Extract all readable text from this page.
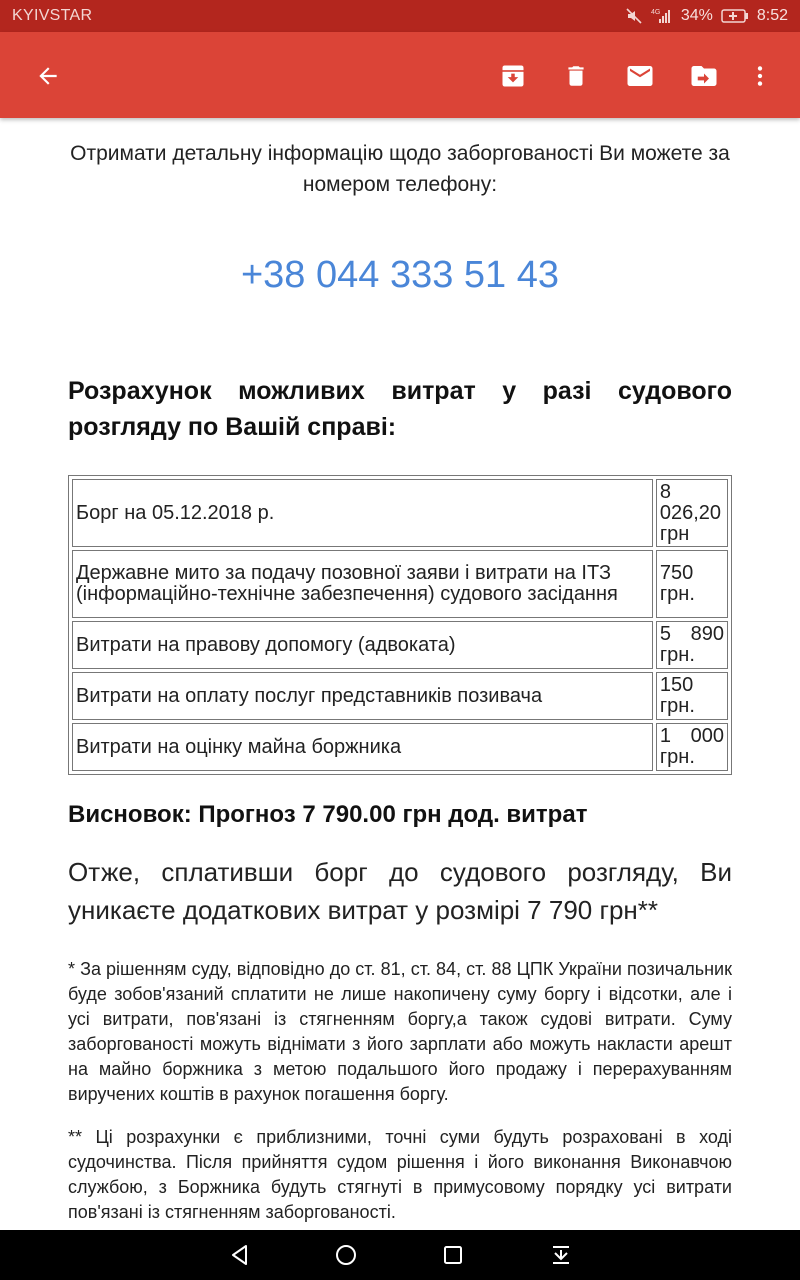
KYIVSTAR	4G 34%	8:52
Отримати детальну інформацію щодо заборгованості Ви можете за номером телефону:
+38 044 333 51 43
Розрахунок можливих витрат у разі судового розгляду по Вашій справі:
Борг на 05.12.2018 р.	8 026,20 грн
Державне мито за подачу позовної заяви і витрати на ІТЗ (інформаційно-технічне забезпечення) судового засідання	750 грн.
Витрати на правову допомогу (адвоката)	5 890 грн.
Витрати на оплату послуг представників позивача	150 грн.
Витрати на оцінку майна боржника	1 000 грн.
Висновок: Прогноз 7 790.00 грн дод. витрат
Отже, сплативши борг до судового розгляду, Ви уникаєте додаткових витрат у розмірі 7 790 грн**
* За рішенням суду, відповідно до ст. 81, ст. 84, ст. 88 ЦПК України позичальник буде зобов'язаний сплатити не лише накопичену суму боргу і відсотки, але і усі витрати, пов'язані із стягненням боргу,а також судові витрати. Суму заборгованості можуть віднімати з його зарплати або можуть накласти арешт на майно боржника з метою подальшого його продажу і перерахуванням виручених коштів в рахунок погашення боргу.
** Ці розрахунки є приблизними, точні суми будуть розраховані в ході судочинства. Після прийняття судом рішення і його виконання Виконавчою службою, з Боржника будуть стягнуті в примусовому порядку усі витрати пов'язані із стягненням заборгованості.
